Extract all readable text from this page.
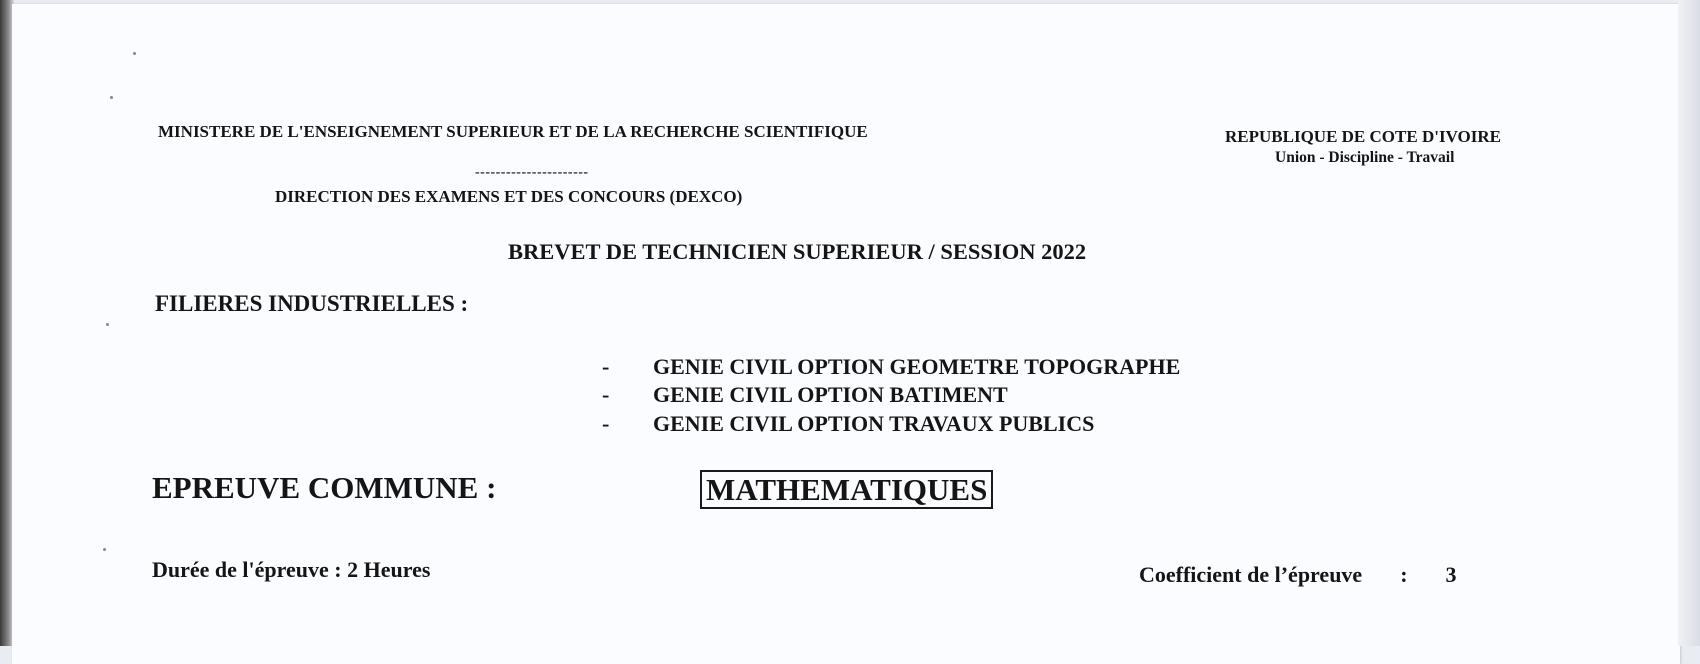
MINISTERE DE L'ENSEIGNEMENT SUPERIEUR ET DE LA RECHERCHE SCIENTIFIQUE	REPUBLIQUE DE COTE D'IVOIRE
Union - Discipline - Travail
----------------------
DIRECTION DES EXAMENS ET DES CONCOURS (DEXCO)
BREVET DE TECHNICIEN SUPERIEUR / SESSION 2022
FILIERES INDUSTRIELLES :
- GENIE CIVIL OPTION GEOMETRE TOPOGRAPHE
- GENIE CIVIL OPTION BATIMENT
- GENIE CIVIL OPTION TRAVAUX PUBLICS
EPREUVE COMMUNE :	MATHEMATIQUES
Durée de l'épreuve : 2 Heures	Coefficient de l’épreuve : 3
